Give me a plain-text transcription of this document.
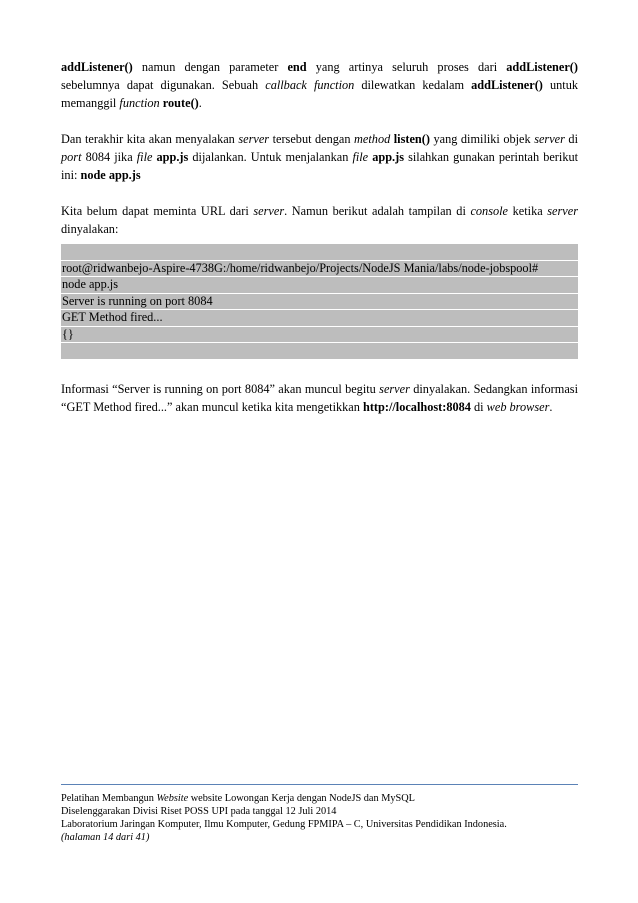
addListener() namun dengan parameter end yang artinya seluruh proses dari addListener() sebelumnya dapat digunakan. Sebuah callback function dilewatkan kedalam addListener() untuk memanggil function route().

Dan terakhir kita akan menyalakan server tersebut dengan method listen() yang dimiliki objek server di port 8084 jika file app.js dijalankan. Untuk menjalankan file app.js silahkan gunakan perintah berikut ini: node app.js

Kita belum dapat meminta URL dari server. Namun berikut adalah tampilan di console ketika server dinyalakan:

root@ridwanbejo-Aspire-4738G:/home/ridwanbejo/Projects/NodeJS Mania/labs/node-jobspool#
node app.js
Server is running on port 8084
GET Method fired...
{}

Informasi “Server is running on port 8084” akan muncul begitu server dinyalakan. Sedangkan informasi “GET Method fired...” akan muncul ketika kita mengetikkan http://localhost:8084 di web browser.

Pelatihan Membangun Website website Lowongan Kerja dengan NodeJS dan MySQL
Diselenggarakan Divisi Riset POSS UPI pada tanggal 12 Juli 2014
Laboratorium Jaringan Komputer, Ilmu Komputer, Gedung FPMIPA – C, Universitas Pendidikan Indonesia.
(halaman 14 dari 41)
